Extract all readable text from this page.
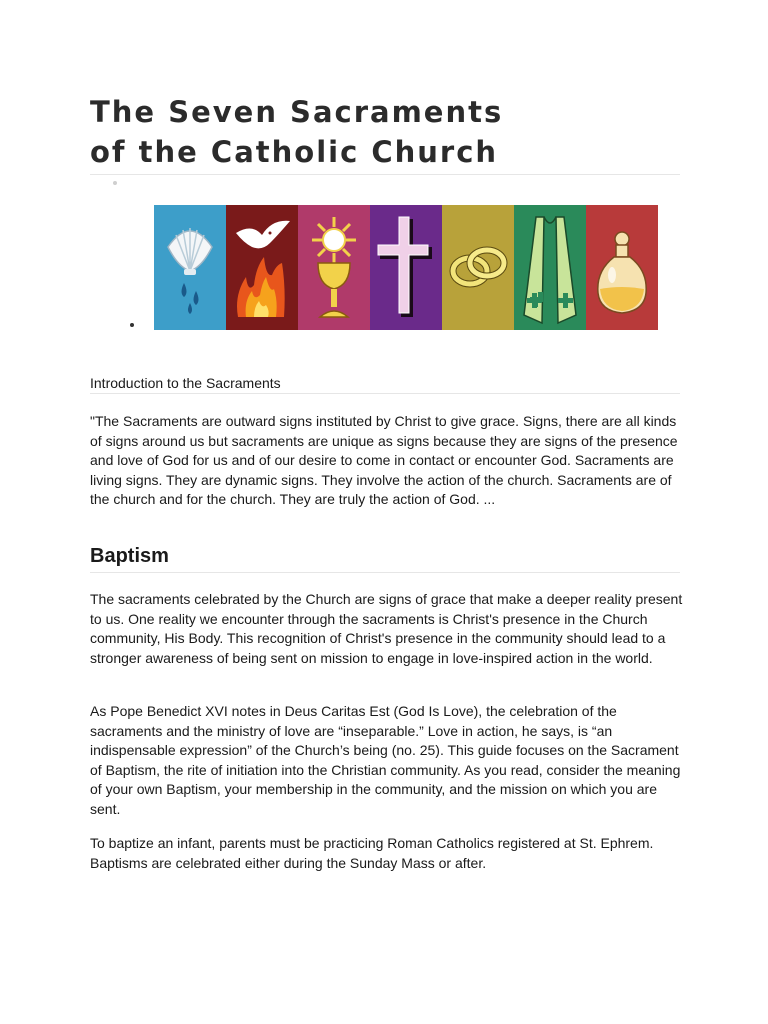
The Seven Sacraments
of the Catholic Church

Introduction to the Sacraments

"The Sacraments are outward signs instituted by Christ to give grace. Signs, there are all kinds of signs around us but sacraments are unique as signs because they are signs of the presence and love of God for us and of our desire to come in contact or encounter God. Sacraments are living signs. They are dynamic signs. They involve the action of the church. Sacraments are of the church and for the church. They are truly the action of God. ...

Baptism

The sacraments celebrated by the Church are signs of grace that make a deeper reality present to us. One reality we encounter through the sacraments is Christ's presence in the Church community, His Body. This recognition of Christ's presence in the community should lead to a stronger awareness of being sent on mission to engage in love-inspired action in the world.

As Pope Benedict XVI notes in Deus Caritas Est (God Is Love), the celebration of the sacraments and the ministry of love are “inseparable.” Love in action, he says, is “an indispensable expression” of the Church’s being (no. 25). This guide focuses on the Sacrament of Baptism, the rite of initiation into the Christian community. As you read, consider the meaning of your own Baptism, your membership in the community, and the mission on which you are sent.

To baptize an infant, parents must be practicing Roman Catholics registered at St. Ephrem. Baptisms are celebrated either during the Sunday Mass or after.
